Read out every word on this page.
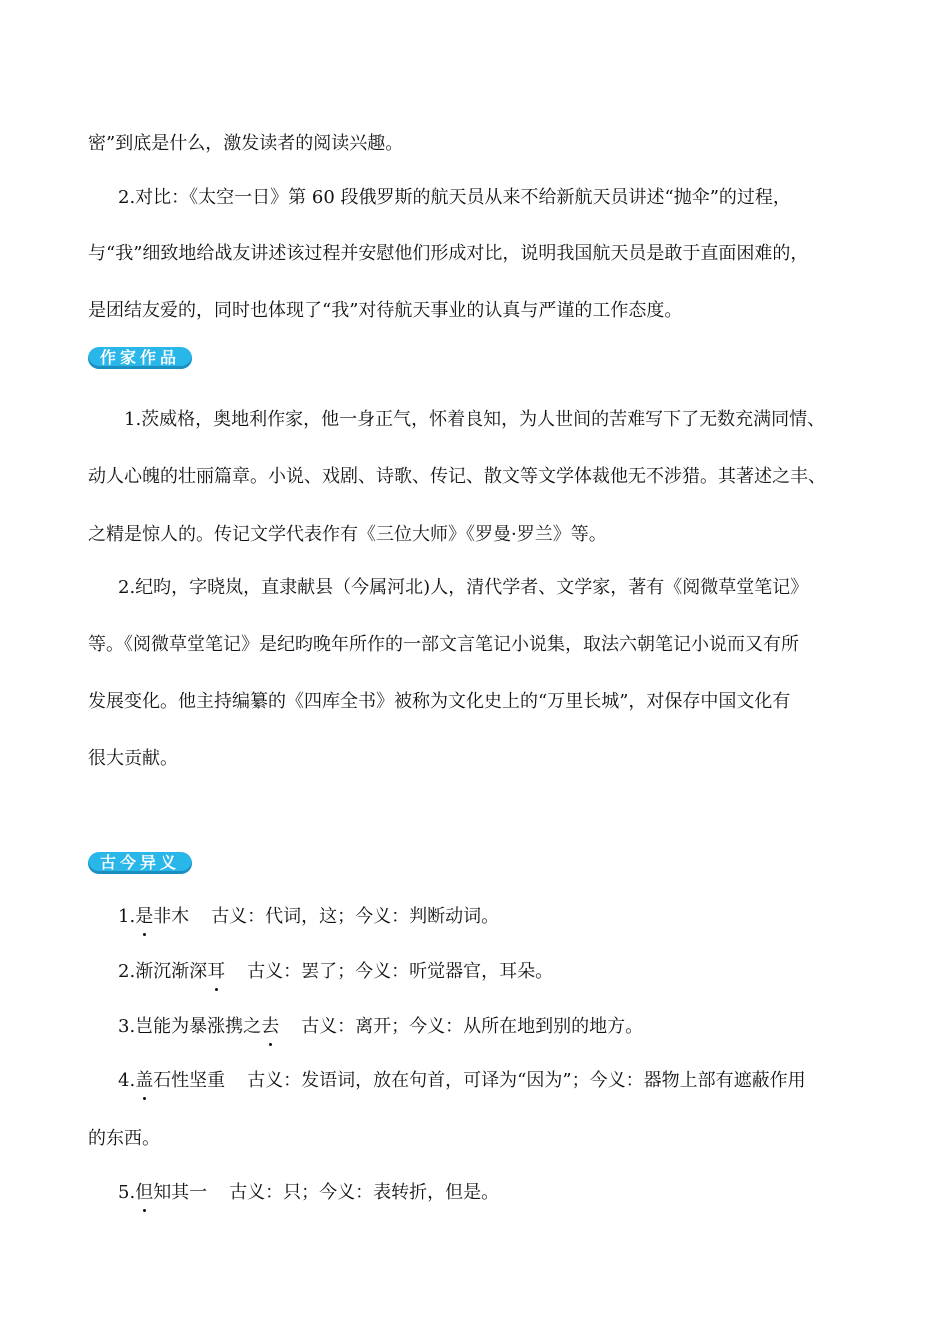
密”到底是什么，激发读者的阅读兴趣。
2.对比：《太空一日》第 60 段俄罗斯的航天员从来不给新航天员讲述“抛伞”的过程，
与“我”细致地给战友讲述该过程并安慰他们形成对比，说明我国航天员是敢于直面困难的，
是团结友爱的，同时也体现了“我”对待航天事业的认真与严谨的工作态度。
作家作品
1.茨威格，奥地利作家，他一身正气，怀着良知，为人世间的苦难写下了无数充满同情、
动人心魄的壮丽篇章。小说、戏剧、诗歌、传记、散文等文学体裁他无不涉猎。其著述之丰、
之精是惊人的。传记文学代表作有《三位大师》《罗曼·罗兰》等。
2.纪昀，字晓岚，直隶献县（今属河北)人，清代学者、文学家，著有《阅微草堂笔记》
等。《阅微草堂笔记》是纪昀晚年所作的一部文言笔记小说集，取法六朝笔记小说而又有所
发展变化。他主持编纂的《四库全书》被称为文化史上的“万里长城”，对保存中国文化有
很大贡献。
古今异义
1.是非木 古义：代词，这；今义：判断动词。
2.渐沉渐深耳 古义：罢了；今义：听觉器官，耳朵。
3.岂能为暴涨携之去 古义：离开；今义：从所在地到别的地方。
4.盖石性坚重 古义：发语词，放在句首，可译为“因为”；今义：器物上部有遮蔽作用
的东西。
5.但知其一 古义：只；今义：表转折，但是。
